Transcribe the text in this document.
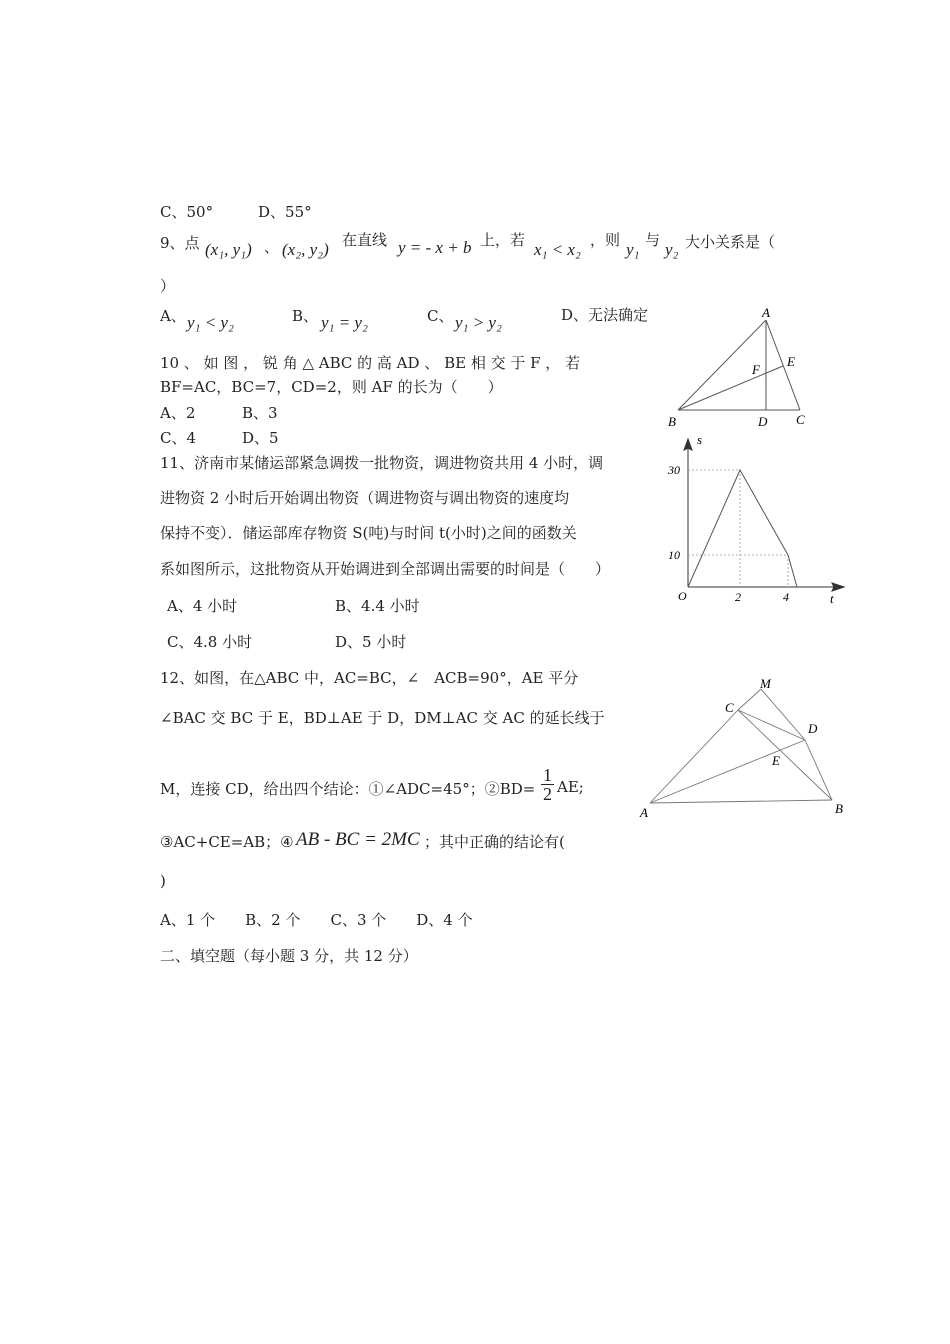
C、50°	D、55°
9、点 (x₁, y₁) 、 (x₂, y₂) 在直线 y = - x + b 上，若 x₁ < x₂ ，则 y₁ 与 y₂ 大小关系是（
）
A、 y₁ < y₂	B、 y₁ = y₂	C、 y₁ > y₂	D、无法确定
10 、 如 图 ， 锐 角 △ ABC 的 高 AD 、 BE 相 交 于 F ， 若
BF=AC，BC=7，CD=2，则 AF 的长为（　　）
A、2	B、3
C、4	D、5
A
B	C
D
E
F
11、济南市某储运部紧急调拨一批物资，调进物资共用 4 小时，调
进物资 2 小时后开始调出物资（调进物资与调出物资的速度均
保持不变）．储运部库存物资 S(吨)与时间 t(小时)之间的函数关
系如图所示，这批物资从开始调进到全部调出需要的时间是（　　）
A、4 小时	B、4.4 小时
C、4.8 小时	D、5 小时
s
t
O
30
10
2	4
12、如图，在△ABC 中，AC=BC，∠　ACB=90°，AE 平分
∠BAC 交 BC 于 E，BD⊥AE 于 D，DM⊥AC 交 AC 的延长线于
M，连接 CD，给出四个结论：①∠ADC=45°；②BD= $\frac{1}{2}$ AE;
③AC+CE=AB；④ AB - BC = 2MC ；其中正确的结论有(
)
A、1 个　　B、2 个　　C、3 个　　D、4 个
M
C
D
E
A	B
二、填空题（每小题 3 分，共 12 分）
